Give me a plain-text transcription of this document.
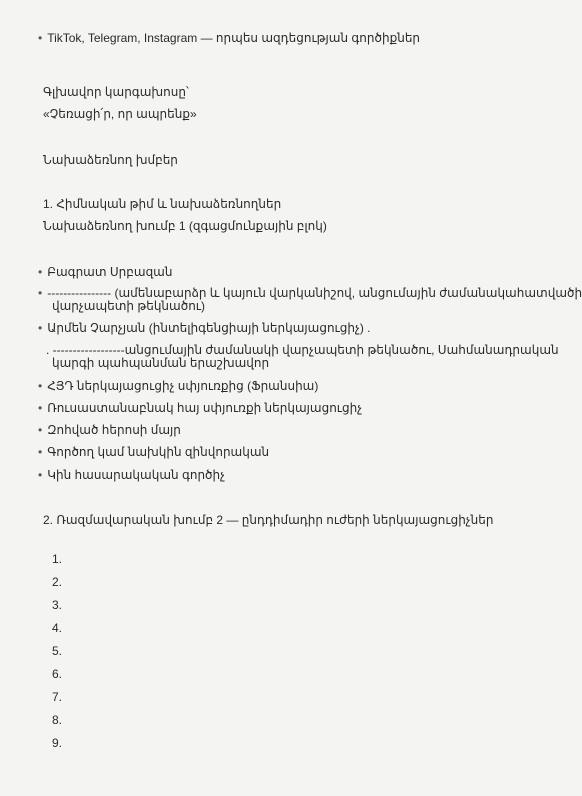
• TikTok, Telegram, Instagram — որպես ազդեցության գործիքներ
Գլխավոր կարգախոսը՝
«Չեռացի՛ր, որ ապրենք»
Նախաձեռնող խմբեր
1. Հիմնական թիմ և նախաձեռնողներ
Նախաձեռնող խումբ 1 (զգացմունքային բլոկ)
• Բագրատ Սրբազան
• ---------------- (ամենաբարձր և կայուն վարկանիշով, անցումային ժամանակահատվածի
վարչապետի թեկնածու)
• Արմեն Չարչյան (ինտելիգենցիայի ներկայացուցիչ) .
. ------------------անցումային ժամանակի վարչապետի թեկնածու, Սահմանադրական
կարգի պահպանման երաշխավոր
• ՀՅԴ ներկայացուցիչ սփյուռքից (Ֆրանսիա)
• Ռուսաստանաբնակ հայ սփյուռքի ներկայացուցիչ
• Զոհված հերոսի մայր
• Գործող կամ նախկին զինվորական
• Կին հասարակական գործիչ
2. Ռազմավարական խումբ 2 — ընդդիմադիր ուժերի ներկայացուցիչներ
1.
2.
3.
4.
5.
6.
7.
8.
9.
